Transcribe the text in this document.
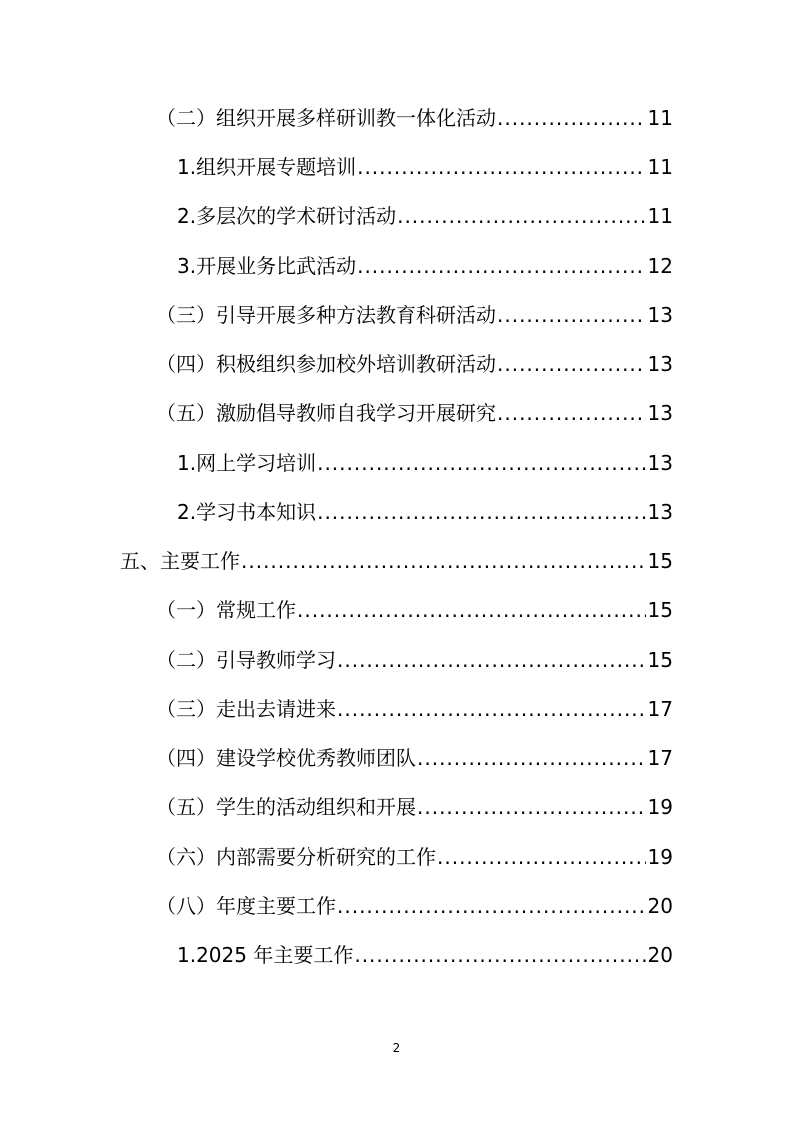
（二）组织开展多样研训教一体化活动 .....	11
1.组织开展专题培训 .....	11
2.多层次的学术研讨活动 .....	11
3.开展业务比武活动 .....	12
（三）引导开展多种方法教育科研活动 .....	13
（四）积极组织参加校外培训教研活动 .....	13
（五）激励倡导教师自我学习开展研究 .....	13
1.网上学习培训 .....	13
2.学习书本知识 .....	13
五、主要工作 .....	15
（一）常规工作 .....	15
（二）引导教师学习 .....	15
（三）走出去请进来 .....	17
（四）建设学校优秀教师团队 .....	17
（五）学生的活动组织和开展 .....	19
（六）内部需要分析研究的工作 .....	19
（八）年度主要工作 .....	20
1.2025 年主要工作 .....	20
2
